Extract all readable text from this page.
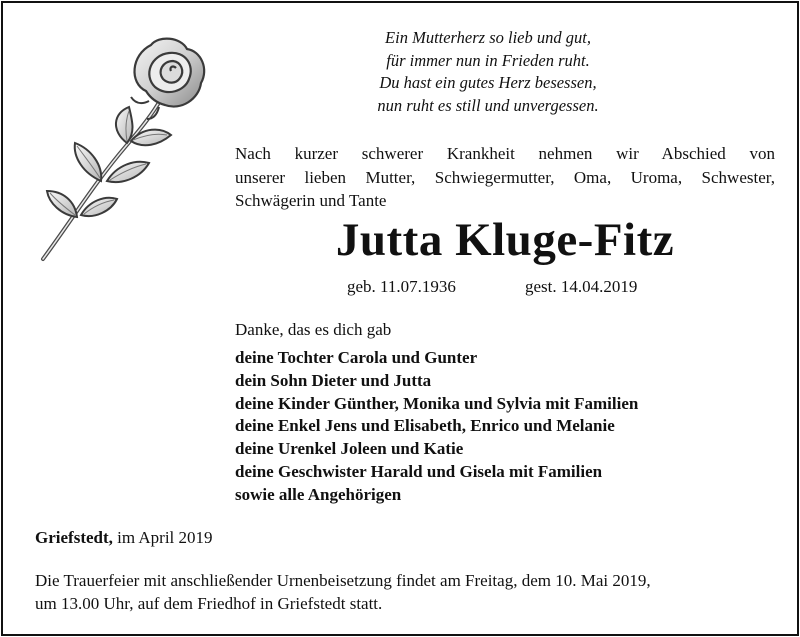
Ein Mutterherz so lieb und gut,
für immer nun in Frieden ruht.
Du hast ein gutes Herz besessen,
nun ruht es still und unvergessen.
Nach kurzer schwerer Krankheit nehmen wir Abschied von
unserer lieben Mutter, Schwiegermutter, Oma, Uroma, Schwester,
Schwägerin und Tante
Jutta Kluge-Fitz
geb. 11.07.1936	gest. 14.04.2019
Danke, das es dich gab
deine Tochter Carola und Gunter
dein Sohn Dieter und Jutta
deine Kinder Günther, Monika und Sylvia mit Familien
deine Enkel Jens und Elisabeth, Enrico und Melanie
deine Urenkel Joleen und Katie
deine Geschwister Harald und Gisela mit Familien
sowie alle Angehörigen
Griefstedt, im April 2019
Die Trauerfeier mit anschließender Urnenbeisetzung findet am Freitag, dem 10. Mai 2019,
um 13.00 Uhr, auf dem Friedhof in Griefstedt statt.
